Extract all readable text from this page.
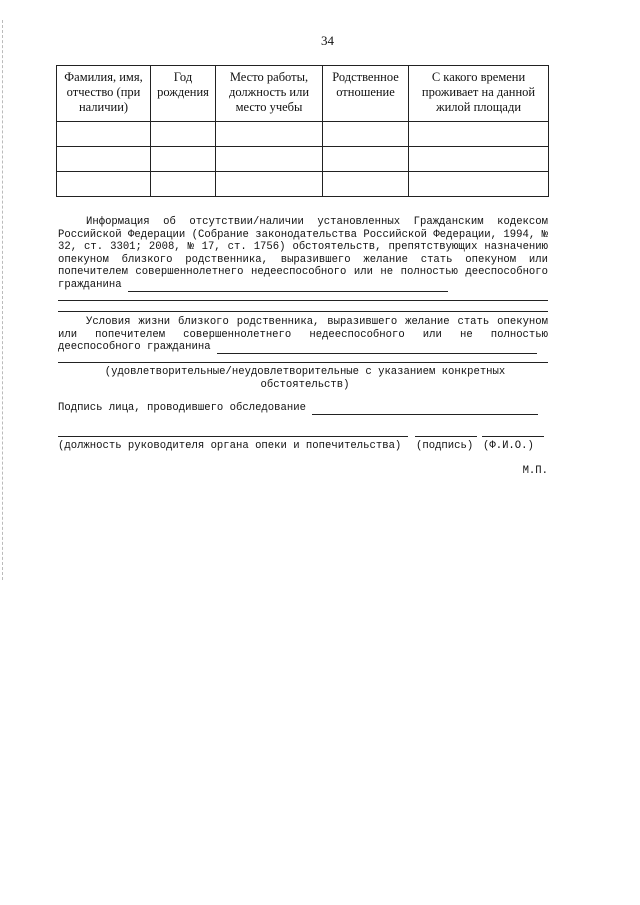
34
Фамилия, имя, отчество (при наличии)	Год рождения	Место работы, должность или место учебы	Родственное отношение	С какого времени проживает на данной жилой площади

Информация об отсутствии/наличии установленных Гражданским кодексом Российской Федерации (Собрание законодательства Российской Федерации, 1994, № 32, ст. 3301; 2008, № 17, ст. 1756) обстоятельств, препятствующих назначению опекуном близкого родственника, выразившего желание стать опекуном или попечителем совершеннолетнего недееспособного или не полностью дееспособного гражданина
Условия жизни близкого родственника, выразившего желание стать опекуном или попечителем совершеннолетнего недееспособного или не полностью дееспособного гражданина
(удовлетворительные/неудовлетворительные с указанием конкретных обстоятельств)
Подпись лица, проводившего обследование
(должность руководителя органа опеки и попечительства)	(подпись) (Ф.И.О.)
М.П.
